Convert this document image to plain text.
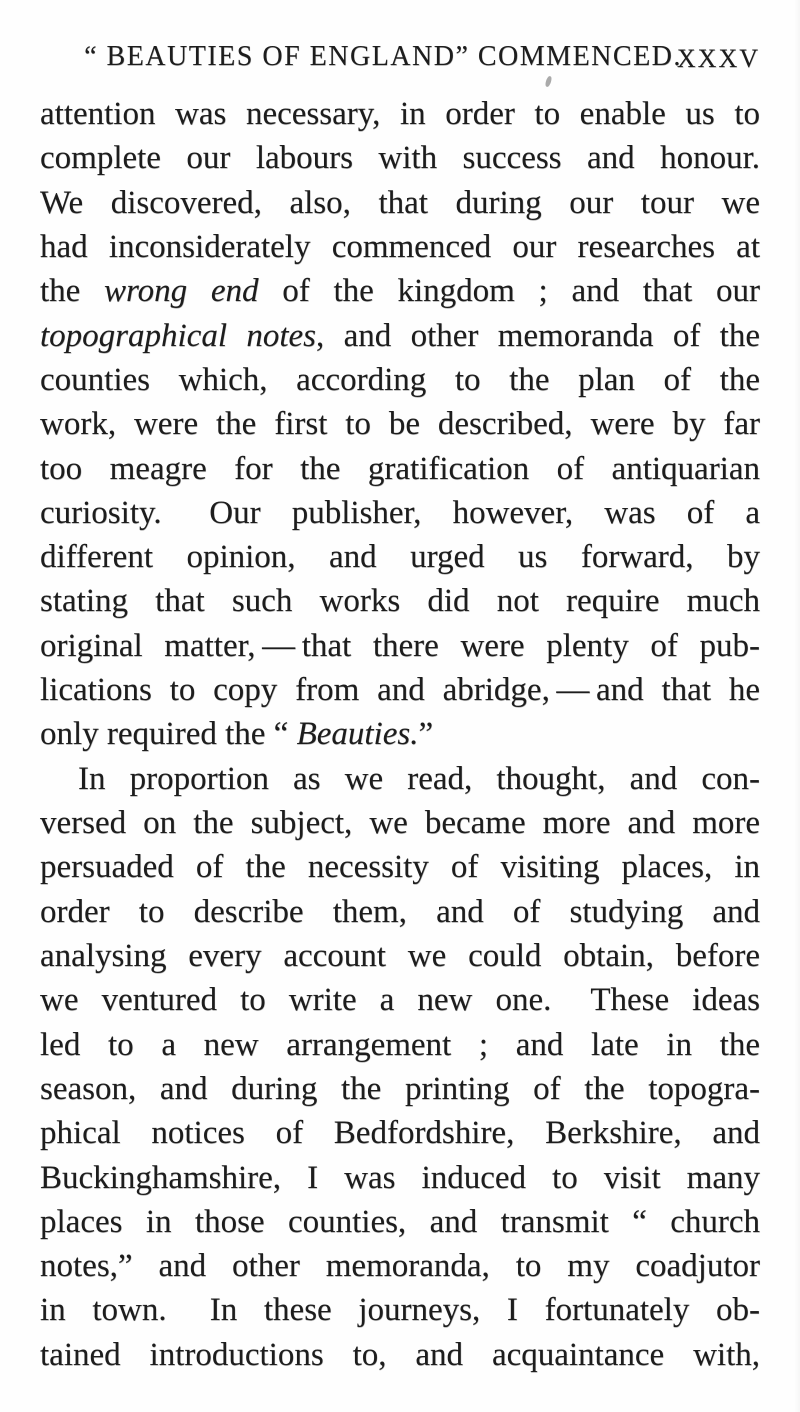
“ BEAUTIES OF ENGLAND” COMMENCED.
XXXV
attention was necessary, in order to enable us to
complete our labours with success and honour.
We discovered, also, that during our tour we
had inconsiderately commenced our researches at
the wrong end of the kingdom ; and that our
topographical notes, and other memoranda of the
counties which, according to the plan of the
work, were the first to be described, were by far
too meagre for the gratification of antiquarian
curiosity.  Our publisher, however, was of a
different opinion, and urged us forward, by
stating that such works did not require much
original matter, — that there were plenty of pub-
lications to copy from and abridge, — and that he
only required the “ Beauties.”
In proportion as we read, thought, and con-
versed on the subject, we became more and more
persuaded of the necessity of visiting places, in
order to describe them, and of studying and
analysing every account we could obtain, before
we ventured to write a new one.  These ideas
led to a new arrangement ; and late in the
season, and during the printing of the topogra-
phical notices of Bedfordshire, Berkshire, and
Buckinghamshire, I was induced to visit many
places in those counties, and transmit “ church
notes,” and other memoranda, to my coadjutor
in town.  In these journeys, I fortunately ob-
tained introductions to, and acquaintance with,
